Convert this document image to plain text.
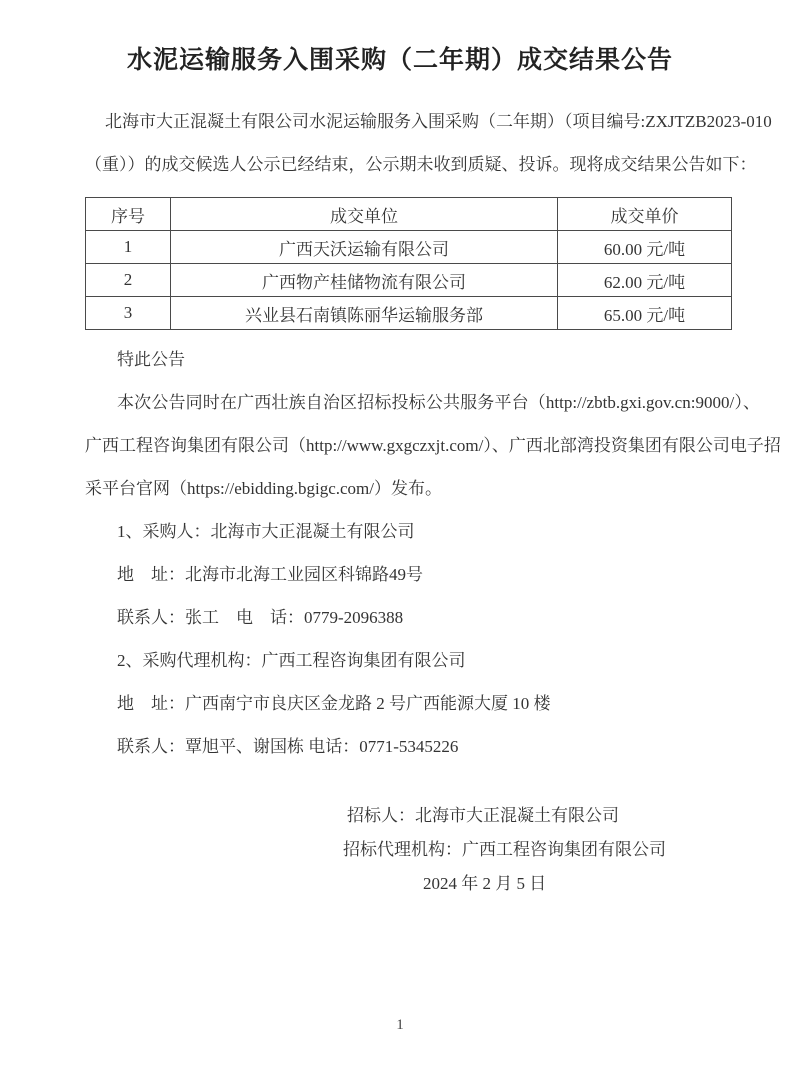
水泥运输服务入围采购（二年期）成交结果公告
北海市大正混凝土有限公司水泥运输服务入围采购（二年期）（项目编号:ZXJTZB2023-010
（重））的成交候选人公示已经结束，公示期未收到质疑、投诉。现将成交结果公告如下：
序号	成交单位	成交单价
1	广西天沃运输有限公司	60.00 元/吨
2	广西物产桂储物流有限公司	62.00 元/吨
3	兴业县石南镇陈丽华运输服务部	65.00 元/吨
特此公告
本次公告同时在广西壮族自治区招标投标公共服务平台（http://zbtb.gxi.gov.cn:9000/）、
广西工程咨询集团有限公司（http://www.gxgczxjt.com/）、广西北部湾投资集团有限公司电子招
采平台官网（https://ebidding.bgigc.com/）发布。
1、采购人：北海市大正混凝土有限公司
地　址：北海市北海工业园区科锦路49号
联系人：张工　电　话：0779-2096388
2、采购代理机构：广西工程咨询集团有限公司
地　址：广西南宁市良庆区金龙路 2 号广西能源大厦 10 楼
联系人：覃旭平、谢国栋 电话：0771-5345226
招标人：北海市大正混凝土有限公司
招标代理机构：广西工程咨询集团有限公司
2024 年 2 月 5 日
1
